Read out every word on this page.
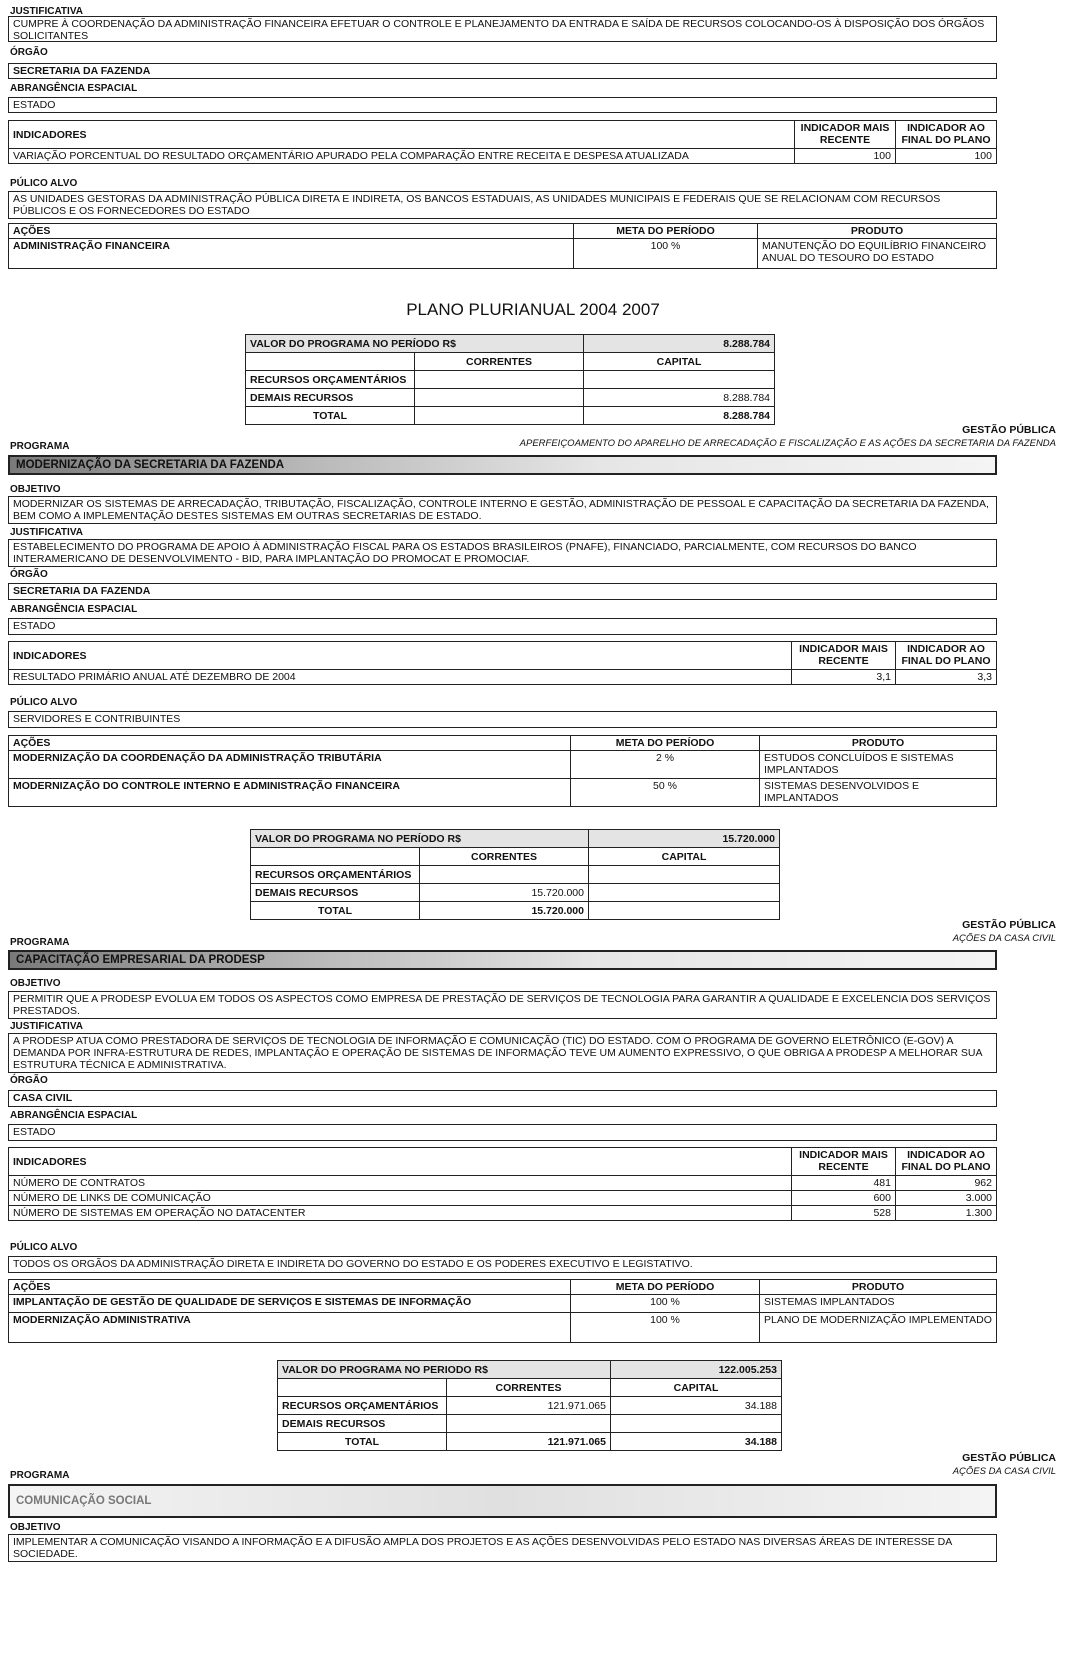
JUSTIFICATIVA
CUMPRE À COORDENAÇÃO DA ADMINISTRAÇÃO FINANCEIRA EFETUAR O CONTROLE E PLANEJAMENTO DA ENTRADA E SAÍDA DE RECURSOS COLOCANDO-OS À DISPOSIÇÃO DOS ÓRGÃOS SOLICITANTES
ÓRGÃO
SECRETARIA DA FAZENDA
ABRANGÊNCIA ESPACIAL
ESTADO
INDICADORES	INDICADOR MAIS RECENTE	INDICADOR AO FINAL DO PLANO
VARIAÇÃO PORCENTUAL DO RESULTADO ORÇAMENTÁRIO APURADO PELA COMPARAÇÃO ENTRE RECEITA E DESPESA ATUALIZADA	100	100
PÚLICO ALVO
AS UNIDADES GESTORAS DA ADMINISTRAÇÃO PÚBLICA DIRETA E INDIRETA, OS BANCOS ESTADUAIS, AS UNIDADES MUNICIPAIS E FEDERAIS QUE SE RELACIONAM COM RECURSOS PÚBLICOS E OS FORNECEDORES DO ESTADO
AÇÕES	META DO PERÍODO	PRODUTO
ADMINISTRAÇÃO FINANCEIRA	100 %	MANUTENÇÃO DO EQUILÍBRIO FINANCEIRO ANUAL DO TESOURO DO ESTADO
PLANO PLURIANUAL 2004 2007
VALOR DO PROGRAMA NO PERÍODO R$		8.288.784
	CORRENTES	CAPITAL
RECURSOS ORÇAMENTÁRIOS		
DEMAIS RECURSOS		8.288.784
TOTAL		8.288.784
GESTÃO PÚBLICA
APERFEIÇOAMENTO DO APARELHO DE ARRECADAÇÃO E FISCALIZAÇÃO E AS AÇÕES DA SECRETARIA DA FAZENDA
PROGRAMA
MODERNIZAÇÃO DA SECRETARIA DA FAZENDA
OBJETIVO
MODERNIZAR OS SISTEMAS DE ARRECADAÇÃO, TRIBUTAÇÃO, FISCALIZAÇÃO, CONTROLE INTERNO E GESTÃO, ADMINISTRAÇÃO DE PESSOAL E CAPACITAÇÃO DA SECRETARIA DA FAZENDA, BEM COMO A IMPLEMENTAÇÃO DESTES SISTEMAS EM OUTRAS SECRETARIAS DE ESTADO.
JUSTIFICATIVA
ESTABELECIMENTO DO PROGRAMA DE APOIO À ADMINISTRAÇÃO FISCAL PARA OS ESTADOS BRASILEIROS (PNAFE), FINANCIADO, PARCIALMENTE, COM RECURSOS DO BANCO INTERAMERICANO DE DESENVOLVIMENTO - BID, PARA IMPLANTAÇÃO DO PROMOCAT E PROMOCIAF.
ÓRGÃO
SECRETARIA DA FAZENDA
ABRANGÊNCIA ESPACIAL
ESTADO
INDICADORES	INDICADOR MAIS RECENTE	INDICADOR AO FINAL DO PLANO
RESULTADO PRIMÁRIO ANUAL ATÉ DEZEMBRO DE 2004	3,1	3,3
PÚLICO ALVO
SERVIDORES E CONTRIBUINTES
AÇÕES	META DO PERÍODO	PRODUTO
MODERNIZAÇÃO DA COORDENAÇÃO DA ADMINISTRAÇÃO TRIBUTÁRIA	2 %	ESTUDOS CONCLUÍDOS E SISTEMAS IMPLANTADOS
MODERNIZAÇÃO DO CONTROLE INTERNO E ADMINISTRAÇÃO FINANCEIRA	50 %	SISTEMAS DESENVOLVIDOS E IMPLANTADOS
VALOR DO PROGRAMA NO PERÍODO R$		15.720.000
	CORRENTES	CAPITAL
RECURSOS ORÇAMENTÁRIOS		
DEMAIS RECURSOS	15.720.000	
TOTAL	15.720.000	
GESTÃO PÚBLICA
AÇÕES DA CASA CIVIL
PROGRAMA
CAPACITAÇÃO EMPRESARIAL DA PRODESP
OBJETIVO
PERMITIR QUE A PRODESP EVOLUA EM TODOS OS ASPECTOS COMO EMPRESA DE PRESTAÇÃO DE SERVIÇOS DE TECNOLOGIA PARA GARANTIR A QUALIDADE E EXCELENCIA DOS SERVIÇOS PRESTADOS.
JUSTIFICATIVA
A PRODESP ATUA COMO PRESTADORA DE SERVIÇOS DE TECNOLOGIA DE INFORMAÇÃO E COMUNICAÇÃO (TIC) DO ESTADO. COM O PROGRAMA DE GOVERNO ELETRÔNICO (E-GOV) A DEMANDA POR INFRA-ESTRUTURA DE REDES, IMPLANTAÇÃO E OPERAÇÃO DE SISTEMAS DE INFORMAÇÃO TEVE UM AUMENTO EXPRESSIVO, O QUE OBRIGA A PRODESP A MELHORAR SUA ESTRUTURA TÉCNICA E ADMINISTRATIVA.
ÓRGÃO
CASA CIVIL
ABRANGÊNCIA ESPACIAL
ESTADO
INDICADORES	INDICADOR MAIS RECENTE	INDICADOR AO FINAL DO PLANO
NÚMERO DE CONTRATOS	481	962
NÚMERO DE LINKS DE COMUNICAÇÃO	600	3.000
NÚMERO DE SISTEMAS EM OPERAÇÃO NO DATACENTER	528	1.300
PÚLICO ALVO
TODOS OS ORGÃOS DA ADMINISTRAÇÃO DIRETA E INDIRETA DO GOVERNO DO ESTADO E OS PODERES EXECUTIVO E LEGISTATIVO.
AÇÕES	META DO PERÍODO	PRODUTO
IMPLANTAÇÃO DE GESTÃO DE QUALIDADE DE SERVIÇOS E SISTEMAS DE INFORMAÇÃO	100 %	SISTEMAS IMPLANTADOS
MODERNIZAÇÃO ADMINISTRATIVA	100 %	PLANO DE MODERNIZAÇÃO IMPLEMENTADO
VALOR DO PROGRAMA NO PERIODO R$		122.005.253
	CORRENTES	CAPITAL
RECURSOS ORÇAMENTÁRIOS	121.971.065	34.188
DEMAIS RECURSOS		
TOTAL	121.971.065	34.188
GESTÃO PÚBLICA
AÇÕES DA CASA CIVIL
PROGRAMA
COMUNICAÇÃO SOCIAL
OBJETIVO
IMPLEMENTAR A COMUNICAÇÃO VISANDO A INFORMAÇÃO E A DIFUSÃO AMPLA DOS PROJETOS E AS AÇÕES DESENVOLVIDAS PELO ESTADO NAS DIVERSAS ÁREAS DE INTERESSE DA SOCIEDADE.
